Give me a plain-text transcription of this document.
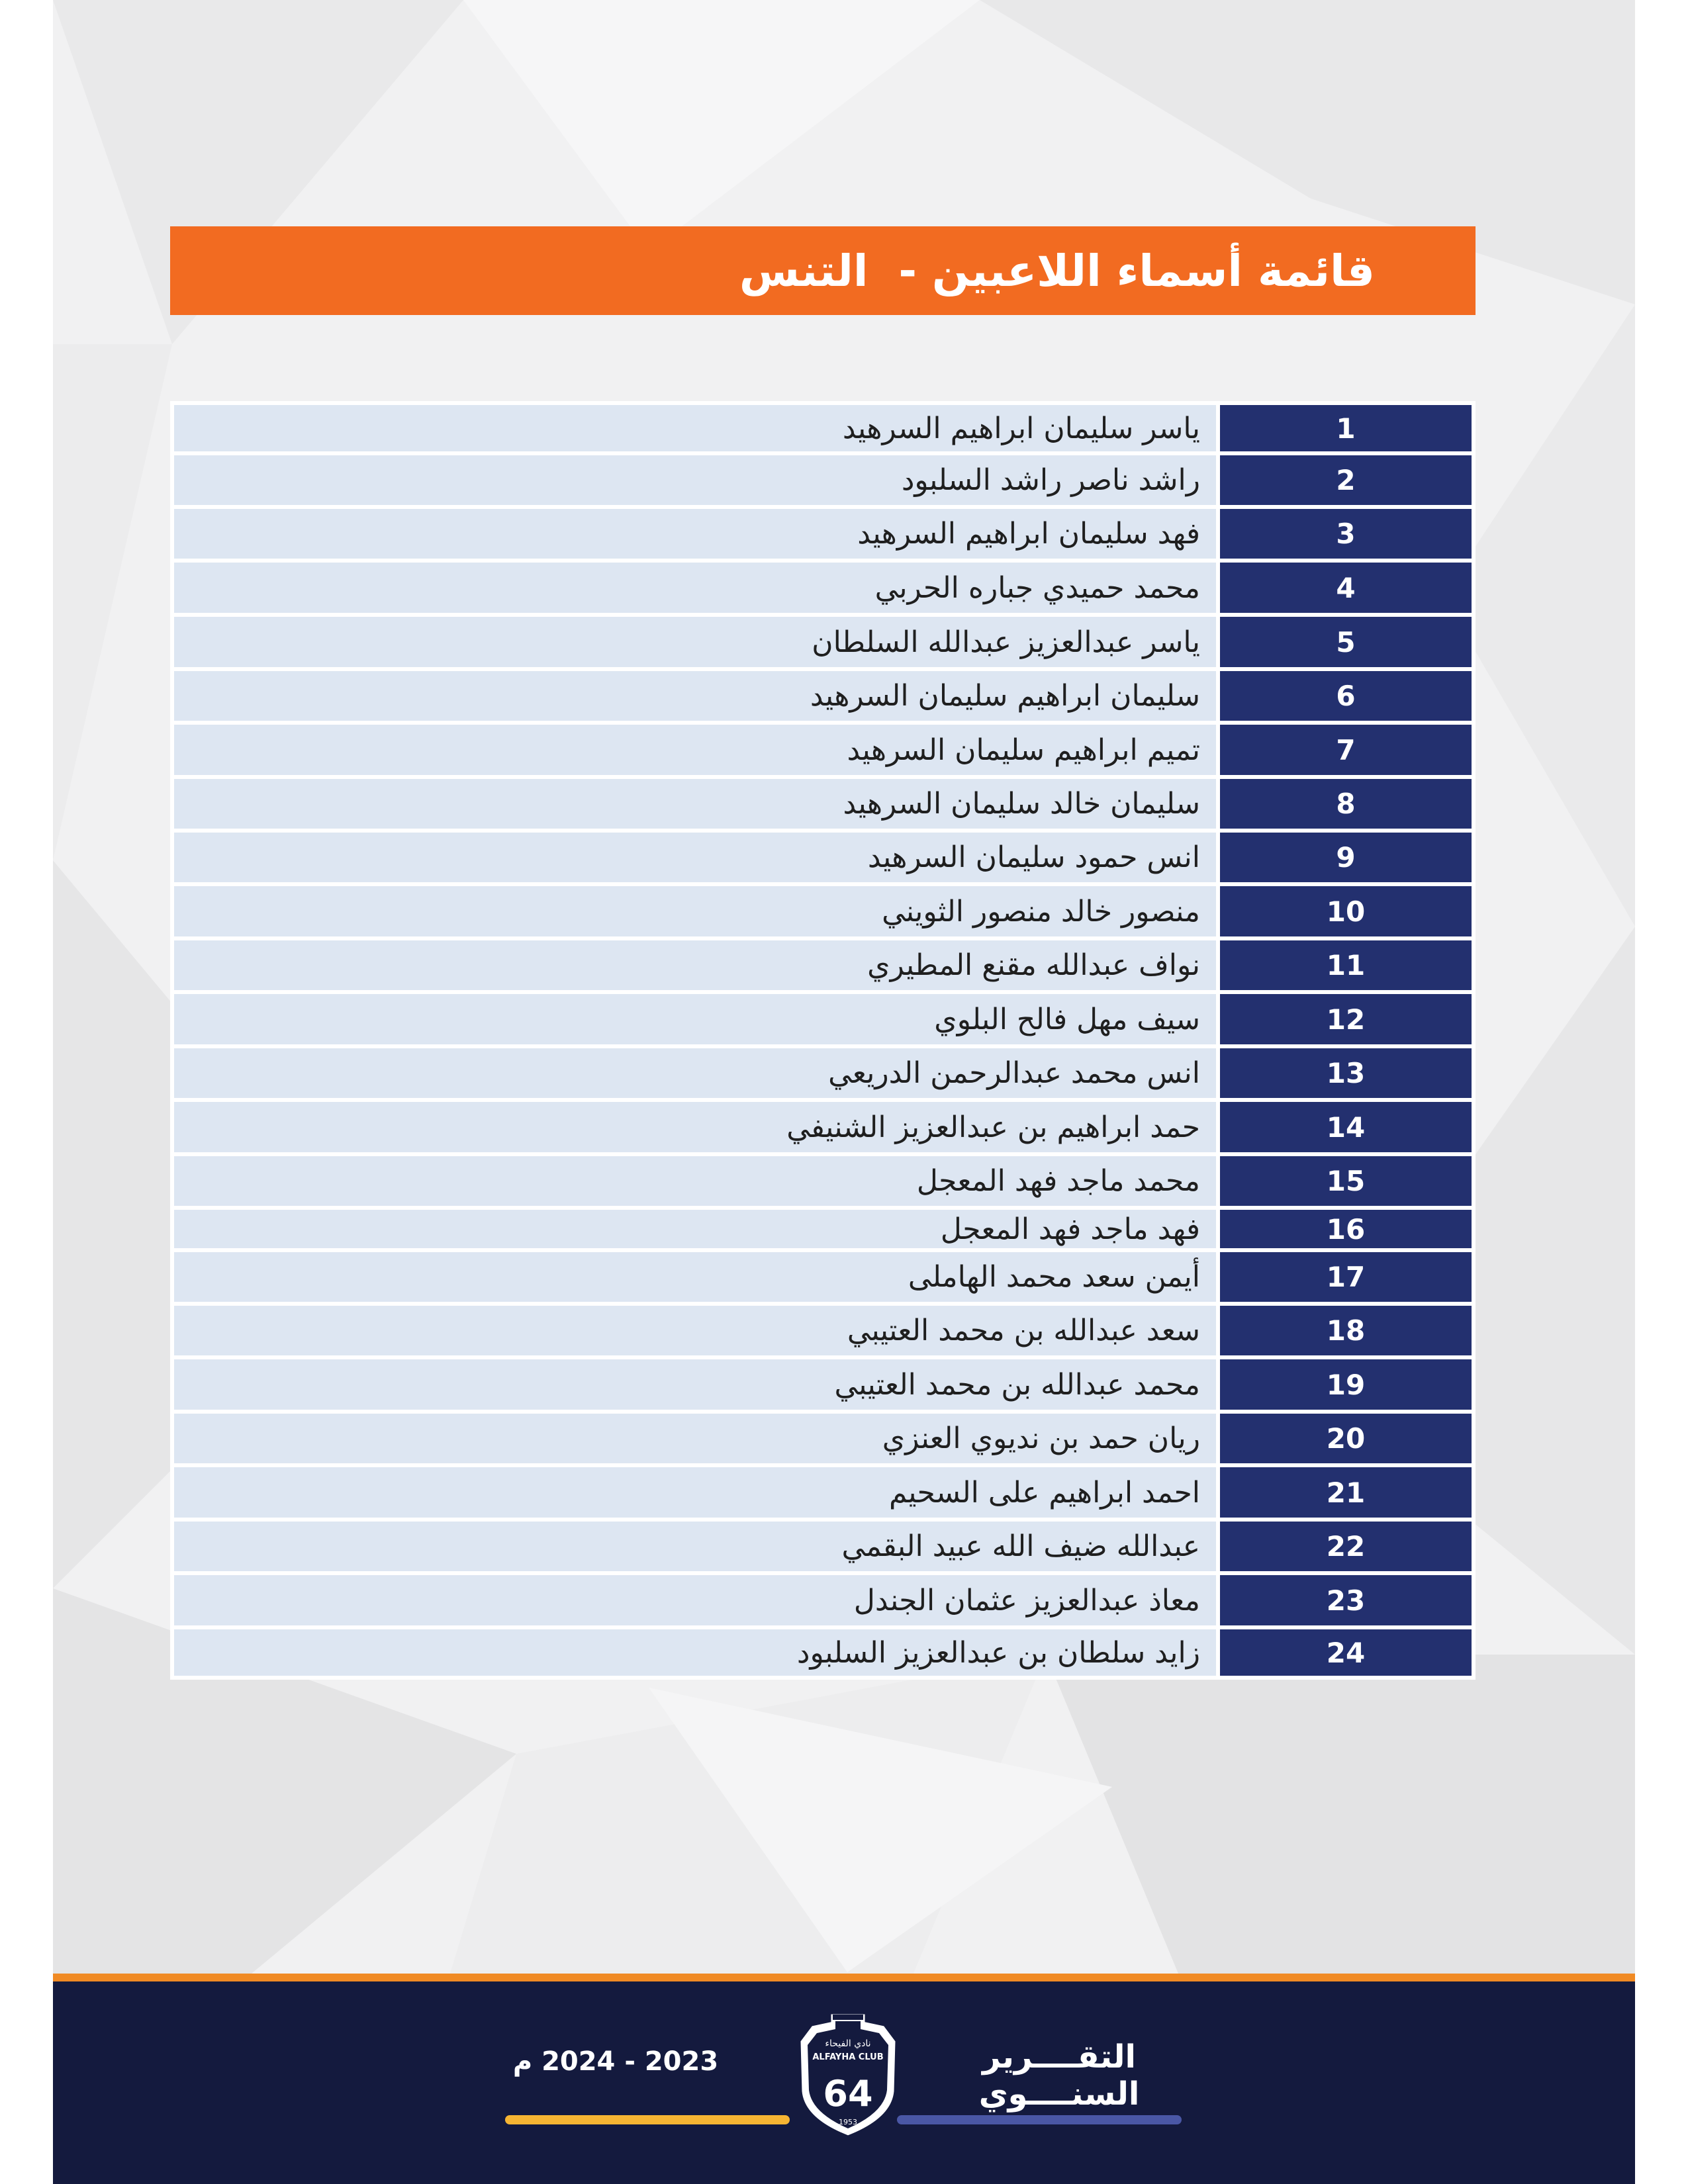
قائمة أسماء اللاعبين -  التنس
1
ياسر سليمان ابراهيم السرهيد
2
راشد ناصر راشد السلبود
3
فهد سليمان ابراهيم السرهيد
4
محمد حميدي جباره الحربي
5
ياسر عبدالعزيز عبدالله السلطان
6
سليمان ابراهيم سليمان السرهيد
7
تميم ابراهيم سليمان السرهيد
8
سليمان خالد سليمان السرهيد
9
انس حمود سليمان السرهيد
10
منصور خالد منصور الثويني
11
نواف عبدالله مقنع المطيري
12
سيف مهل فالح البلوي
13
انس محمد عبدالرحمن الدريعي
14
حمد ابراهيم بن عبدالعزيز الشنيفي
15
محمد ماجد فهد المعجل
16
فهد ماجد فهد المعجل
17
أيمن سعد محمد الهاملى
18
سعد عبدالله بن محمد العتيبي
19
محمد عبدالله بن محمد العتيبي
20
ريان حمد بن نديوي العنزي
21
احمد ابراهيم على السحيم
22
عبدالله ضيف الله عبيد البقمي
23
معاذ عبدالعزيز عثمان الجندل
24
زايد سلطان بن عبدالعزيز السلبود
التقــــرير السنــــوي
2023 - 2024 م
نادي الفيحاء
ALFAYHA CLUB
64
1953
